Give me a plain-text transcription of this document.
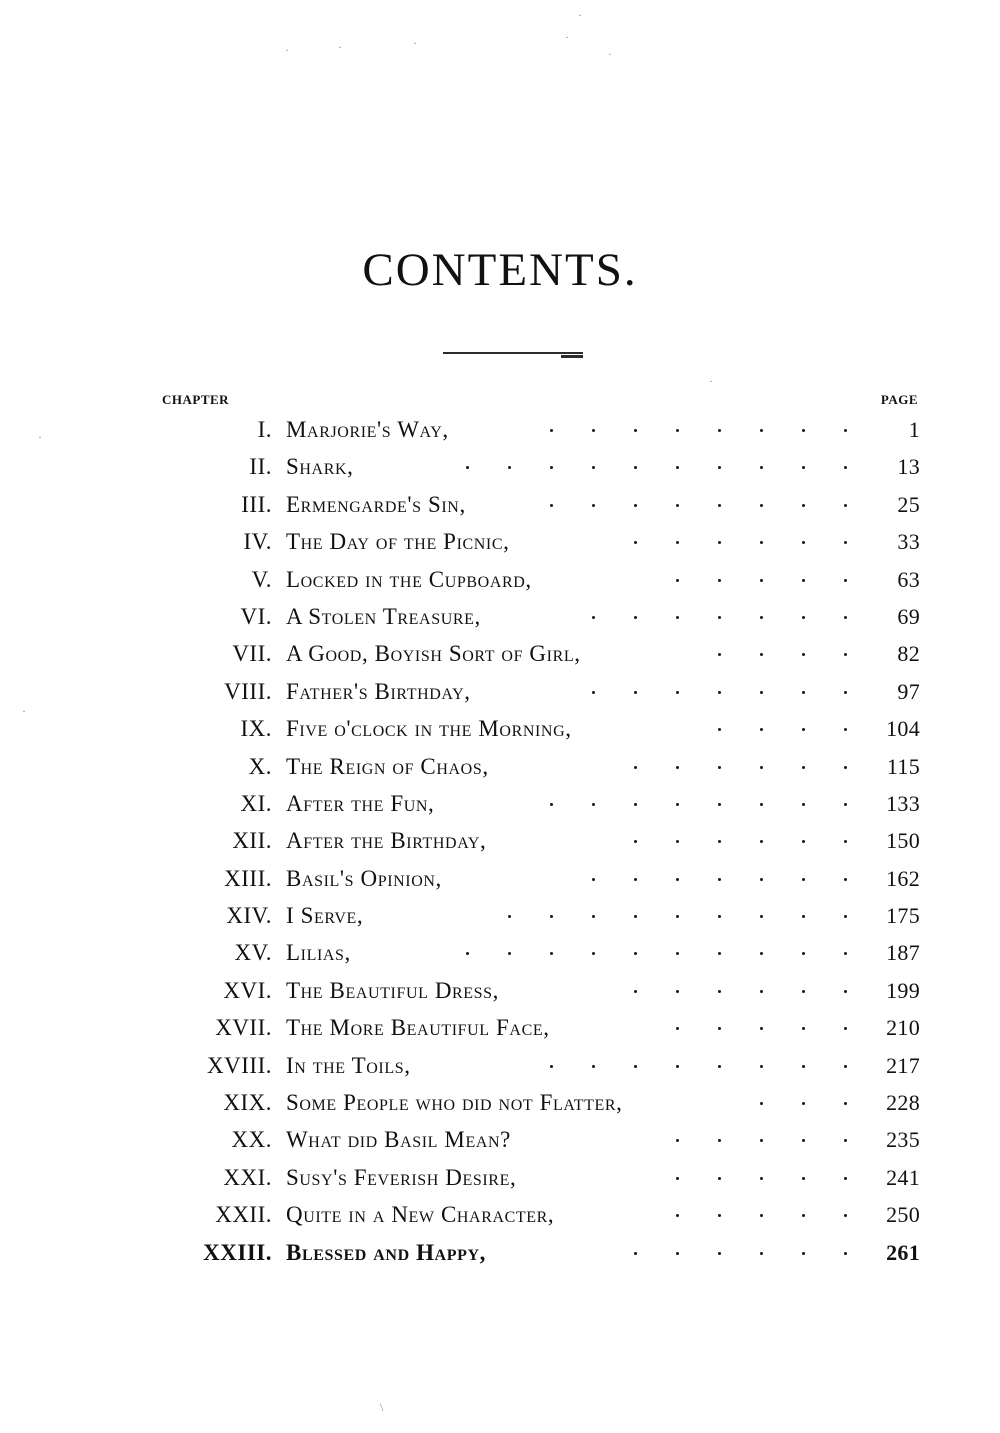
CONTENTS.
CHAPTER	PAGE
I. Marjorie's Way,	1
II. Shark,	13
III. Ermengarde's Sin,	25
IV. The Day of the Picnic,	33
V. Locked in the Cupboard,	63
VI. A Stolen Treasure,	69
VII. A Good, Boyish Sort of Girl,	82
VIII. Father's Birthday,	97
IX. Five o'clock in the Morning,	104
X. The Reign of Chaos,	115
XI. After the Fun,	133
XII. After the Birthday,	150
XIII. Basil's Opinion,	162
XIV. I Serve,	175
XV. Lilias,	187
XVI. The Beautiful Dress,	199
XVII. The More Beautiful Face,	210
XVIII. In the Toils,	217
XIX. Some People who did not Flatter,	228
XX. What did Basil Mean?	235
XXI. Susy's Feverish Desire,	241
XXII. Quite in a New Character,	250
XXIII. Blessed and Happy,	261
·
·	·	·	·
·
·
·
·
\
